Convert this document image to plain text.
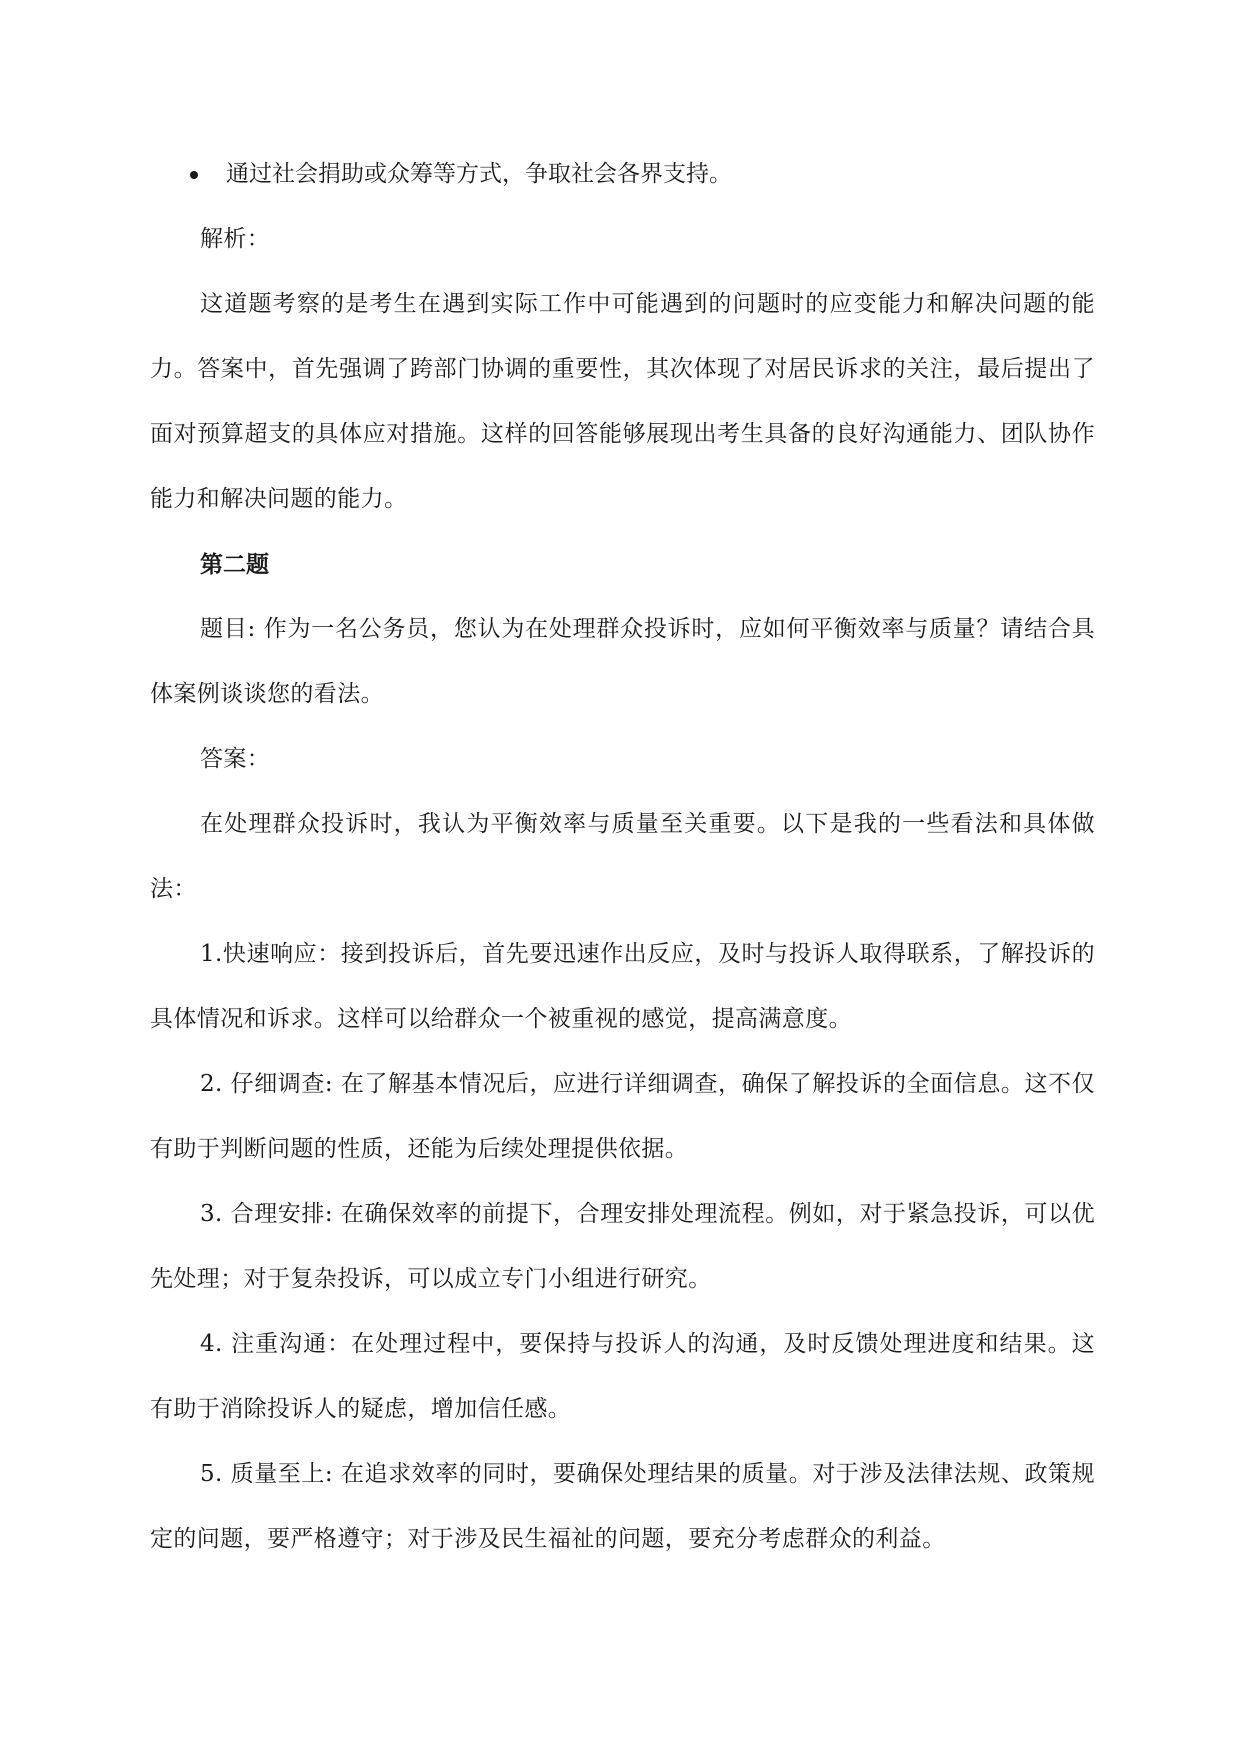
通过社会捐助或众筹等方式，争取社会各界支持。

解析：

这道题考察的是考生在遇到实际工作中可能遇到的问题时的应变能力和解决问题的能力。答案中，首先强调了跨部门协调的重要性，其次体现了对居民诉求的关注，最后提出了面对预算超支的具体应对措施。这样的回答能够展现出考生具备的良好沟通能力、团队协作能力和解决问题的能力。

第二题

题目: 作为一名公务员，您认为在处理群众投诉时，应如何平衡效率与质量？请结合具体案例谈谈您的看法。

答案：

在处理群众投诉时，我认为平衡效率与质量至关重要。以下是我的一些看法和具体做法：

1.快速响应：接到投诉后，首先要迅速作出反应，及时与投诉人取得联系，了解投诉的具体情况和诉求。这样可以给群众一个被重视的感觉，提高满意度。

2. 仔细调查: 在了解基本情况后，应进行详细调查，确保了解投诉的全面信息。这不仅有助于判断问题的性质，还能为后续处理提供依据。

3. 合理安排: 在确保效率的前提下，合理安排处理流程。例如，对于紧急投诉，可以优先处理；对于复杂投诉，可以成立专门小组进行研究。

4. 注重沟通：在处理过程中，要保持与投诉人的沟通，及时反馈处理进度和结果。这有助于消除投诉人的疑虑，增加信任感。

5. 质量至上: 在追求效率的同时，要确保处理结果的质量。对于涉及法律法规、政策规定的问题，要严格遵守；对于涉及民生福祉的问题，要充分考虑群众的利益。
